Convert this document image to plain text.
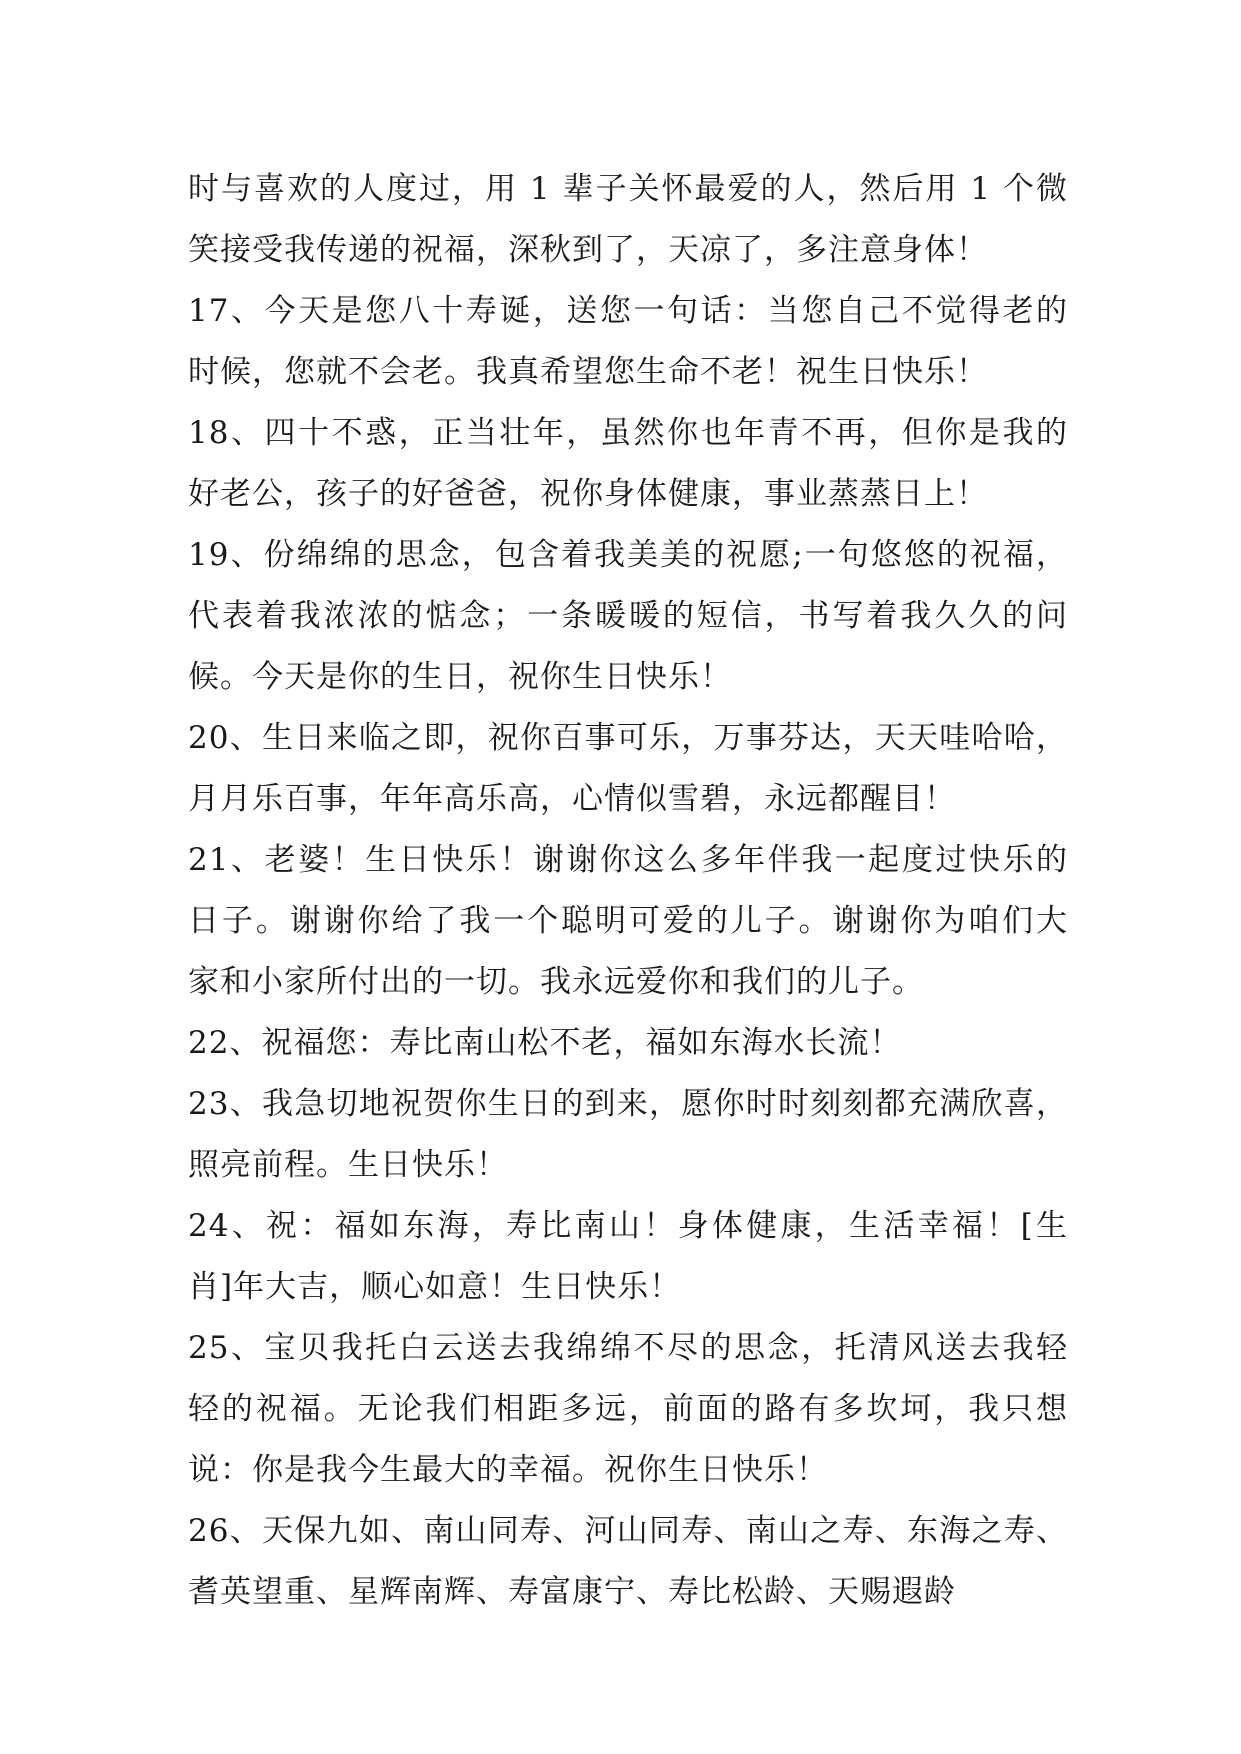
时与喜欢的人度过，用 1 辈子关怀最爱的人，然后用 1 个微
笑接受我传递的祝福，深秋到了，天凉了，多注意身体！
17、今天是您八十寿诞，送您一句话：当您自己不觉得老的
时候，您就不会老。我真希望您生命不老！祝生日快乐！
18、四十不惑，正当壮年，虽然你也年青不再，但你是我的
好老公，孩子的好爸爸，祝你身体健康，事业蒸蒸日上！
19、份绵绵的思念，包含着我美美的祝愿;一句悠悠的祝福，
代表着我浓浓的惦念；一条暖暖的短信，书写着我久久的问
候。今天是你的生日，祝你生日快乐！
20、生日来临之即，祝你百事可乐，万事芬达，天天哇哈哈，
月月乐百事，年年高乐高，心情似雪碧，永远都醒目！
21、老婆！生日快乐！谢谢你这么多年伴我一起度过快乐的
日子。谢谢你给了我一个聪明可爱的儿子。谢谢你为咱们大
家和小家所付出的一切。我永远爱你和我们的儿子。
22、祝福您：寿比南山松不老，福如东海水长流！
23、我急切地祝贺你生日的到来，愿你时时刻刻都充满欣喜，
照亮前程。生日快乐！
24、祝：福如东海，寿比南山！身体健康，生活幸福！[生
肖]年大吉，顺心如意！生日快乐！
25、宝贝我托白云送去我绵绵不尽的思念，托清风送去我轻
轻的祝福。无论我们相距多远，前面的路有多坎坷，我只想
说：你是我今生最大的幸福。祝你生日快乐！
26、天保九如、南山同寿、河山同寿、南山之寿、东海之寿、
耆英望重、星辉南辉、寿富康宁、寿比松龄、天赐遐龄
